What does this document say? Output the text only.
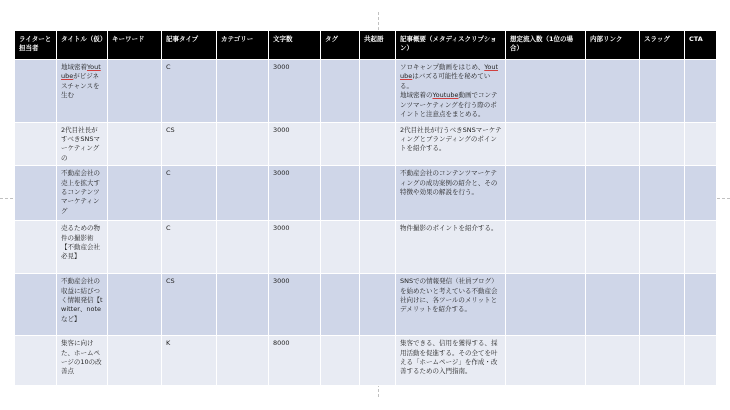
ライターと担当者	タイトル（仮）	キーワード	記事タイプ	カテゴリー	文字数	タグ	共起語	記事概要（メタディスクリプション）	想定流入数（1位の場合）	内部リンク	スラッグ	CTA
	地域密着Youtubeがビジネスチャンスを生む		C		3000			ソロキャンプ動画をはじめ、Youtubeはバズる可能性を秘めている。
地域密着のYoutube動画でコンテンツマーケティングを行う際のポイントと注意点をまとめる。				
	2代目社長がすべきSNSマーケティングの		CS		3000			2代目社長が行うべきSNSマーケティングとブランディングのポイントを紹介する。				
	不動産会社の売上を拡大するコンテンツマーケティング		C		3000			不動産会社のコンテンツマーケティングの成功案例の紹介と、その特徴や効果の解説を行う。				
	売るための物件の撮影術【不動産会社必見】		C		3000			物件撮影のポイントを紹介する。				
	不動産会社の収益に結びつく情報発信【twitter、noteなど】		CS		3000			SNSでの情報発信（社員ブログ）を始めたいと考えている不動産会社向けに、各ツールのメリットとデメリットを紹介する。				
	集客に向けた、ホームページの10の改善点		K		8000			集客できる、信用を獲得する、採用活動を促進する。その全てを叶える「ホームページ」を作成・改善するための入門指南。				
